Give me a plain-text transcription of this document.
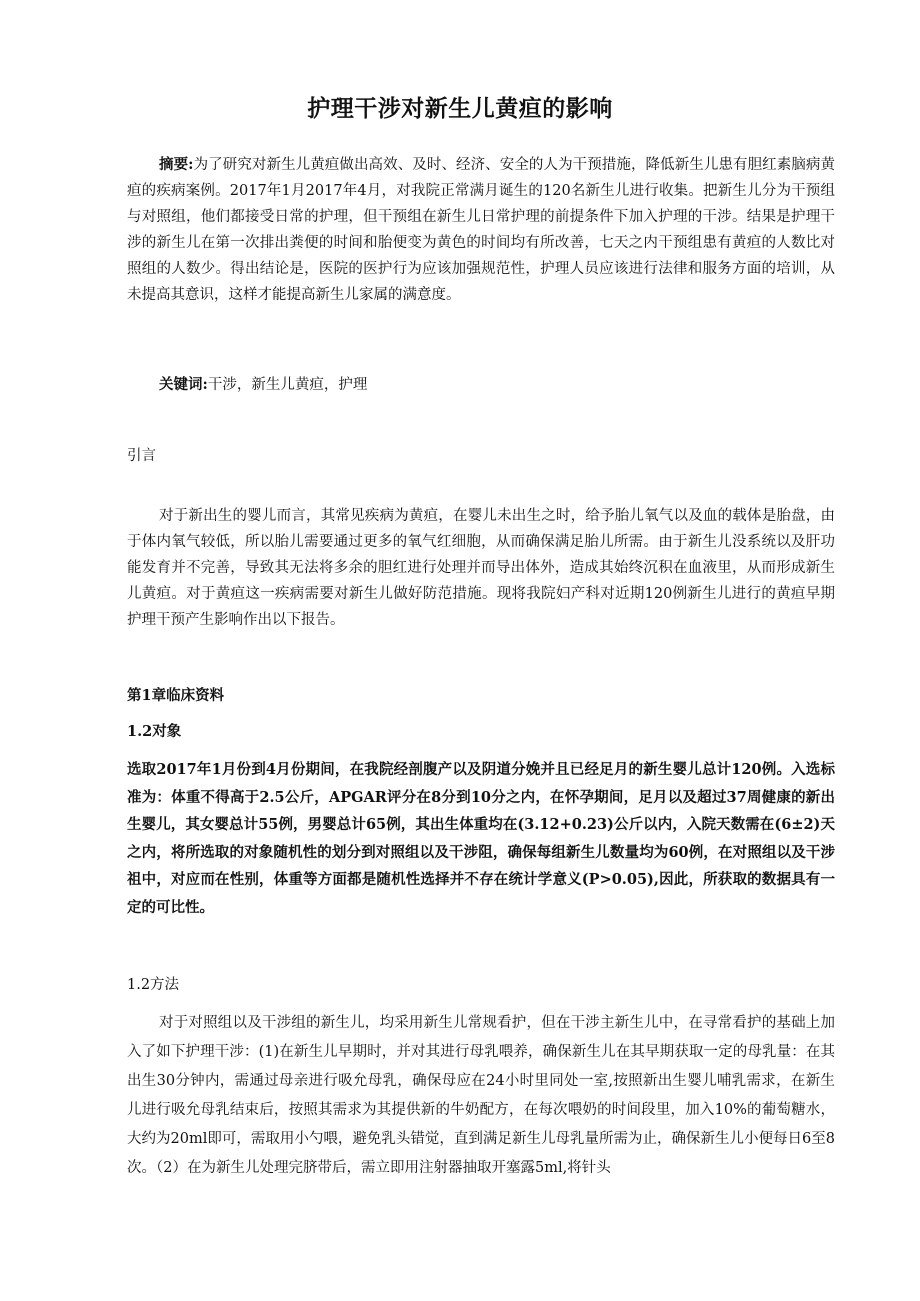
护理干涉对新生儿黄疸的影响

摘要:为了研究对新生儿黄疸做出高效、及时、经济、安全的人为干预措施，降低新生儿患有胆红素脑病黄疸的疾病案例。2017年1月2017年4月，对我院正常满月诞生的120名新生儿进行收集。把新生儿分为干预组与对照组，他们都接受日常的护理，但干预组在新生儿日常护理的前提条件下加入护理的干涉。结果是护理干涉的新生儿在第一次排出粪便的时间和胎便变为黄色的时间均有所改善，七天之内干预组患有黄疸的人数比对照组的人数少。得出结论是，医院的医护行为应该加强规范性，护理人员应该进行法律和服务方面的培训，从未提高其意识，这样才能提高新生儿家属的满意度。

关键词:干涉，新生儿黄疸，护理

引言

对于新出生的婴儿而言，其常见疾病为黄疸，在婴儿未出生之时，给予胎儿氧气以及血的载体是胎盘，由于体内氧气较低，所以胎儿需要通过更多的氧气红细胞，从而确保满足胎儿所需。由于新生儿没系统以及肝功能发育并不完善，导致其无法将多余的胆红进行处理并而导出体外，造成其始终沉积在血液里，从而形成新生儿黄疸。对于黄疸这一疾病需要对新生儿做好防范措施。现将我院妇产科对近期120例新生儿进行的黄疸早期护理干预产生影响作出以下报告。

第1章临床资料

1.2对象

选取2017年1月份到4月份期间，在我院经剖腹产以及阴道分娩并且已经足月的新生婴儿总计120例。入选标准为：体重不得高于2.5公斤，APGAR评分在8分到10分之内，在怀孕期间，足月以及超过37周健康的新出生婴儿，其女婴总计55例，男婴总计65例，其出生体重均在(3.12+0.23)公斤以内，入院天数需在(6±2)天之内，将所选取的对象随机性的划分到对照组以及干涉阻，确保每组新生儿数量均为60例，在对照组以及干涉祖中，对应而在性别，体重等方面都是随机性选择并不存在统计学意义(P>0.05),因此，所获取的数据具有一定的可比性。

1.2方法

对于对照组以及干涉组的新生儿，均采用新生儿常规看护，但在干涉主新生儿中，在寻常看护的基础上加入了如下护理干涉：(1)在新生儿早期时，并对其进行母乳喂养，确保新生儿在其早期获取一定的母乳量：在其出生30分钟内，需通过母亲进行吸允母乳，确保母应在24小时里同处一室,按照新出生婴儿哺乳需求，在新生儿进行吸允母乳结束后，按照其需求为其提供新的牛奶配方，在每次喂奶的时间段里，加入10%的葡萄糖水，大约为20ml即可，需取用小勺喂，避免乳头错觉，直到满足新生儿母乳量所需为止，确保新生儿小便每日6至8次。（2）在为新生儿处理完脐带后，需立即用注射器抽取开塞露5ml,将针头
